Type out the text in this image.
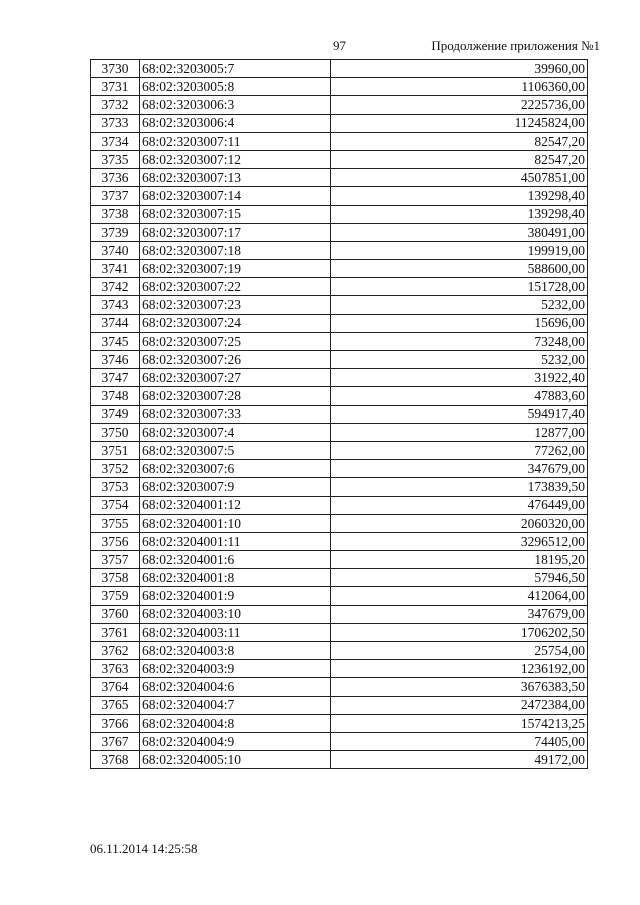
97	Продолжение приложения №1
3730	68:02:3203005:7	39960,00
3731	68:02:3203005:8	1106360,00
3732	68:02:3203006:3	2225736,00
3733	68:02:3203006:4	11245824,00
3734	68:02:3203007:11	82547,20
3735	68:02:3203007:12	82547,20
3736	68:02:3203007:13	4507851,00
3737	68:02:3203007:14	139298,40
3738	68:02:3203007:15	139298,40
3739	68:02:3203007:17	380491,00
3740	68:02:3203007:18	199919,00
3741	68:02:3203007:19	588600,00
3742	68:02:3203007:22	151728,00
3743	68:02:3203007:23	5232,00
3744	68:02:3203007:24	15696,00
3745	68:02:3203007:25	73248,00
3746	68:02:3203007:26	5232,00
3747	68:02:3203007:27	31922,40
3748	68:02:3203007:28	47883,60
3749	68:02:3203007:33	594917,40
3750	68:02:3203007:4	12877,00
3751	68:02:3203007:5	77262,00
3752	68:02:3203007:6	347679,00
3753	68:02:3203007:9	173839,50
3754	68:02:3204001:12	476449,00
3755	68:02:3204001:10	2060320,00
3756	68:02:3204001:11	3296512,00
3757	68:02:3204001:6	18195,20
3758	68:02:3204001:8	57946,50
3759	68:02:3204001:9	412064,00
3760	68:02:3204003:10	347679,00
3761	68:02:3204003:11	1706202,50
3762	68:02:3204003:8	25754,00
3763	68:02:3204003:9	1236192,00
3764	68:02:3204004:6	3676383,50
3765	68:02:3204004:7	2472384,00
3766	68:02:3204004:8	1574213,25
3767	68:02:3204004:9	74405,00
3768	68:02:3204005:10	49172,00
06.11.2014 14:25:58
